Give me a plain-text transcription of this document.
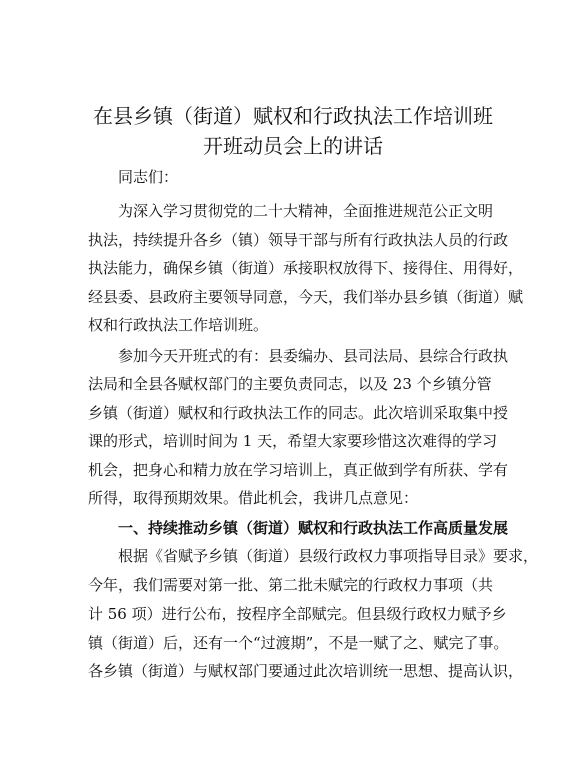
在县乡镇（街道）赋权和行政执法工作培训班
开班动员会上的讲话
同志们：
为深入学习贯彻党的二十大精神，全面推进规范公正文明
执法，持续提升各乡（镇）领导干部与所有行政执法人员的行政
执法能力，确保乡镇（街道）承接职权放得下、接得住、用得好，
经县委、县政府主要领导同意，今天，我们举办县乡镇（街道）赋
权和行政执法工作培训班。
参加今天开班式的有：县委编办、县司法局、县综合行政执
法局和全县各赋权部门的主要负责同志，以及 23 个乡镇分管
乡镇（街道）赋权和行政执法工作的同志。此次培训采取集中授
课的形式，培训时间为 1 天，希望大家要珍惜这次难得的学习
机会，把身心和精力放在学习培训上，真正做到学有所获、学有
所得，取得预期效果。借此机会，我讲几点意见：
一、持续推动乡镇（街道）赋权和行政执法工作高质量发展
根据《省赋予乡镇（街道）县级行政权力事项指导目录》要求，
今年，我们需要对第一批、第二批未赋完的行政权力事项（共
计 56 项）进行公布，按程序全部赋完。但县级行政权力赋予乡
镇（街道）后，还有一个“过渡期”，不是一赋了之、赋完了事。
各乡镇（街道）与赋权部门要通过此次培训统一思想、提高认识，
